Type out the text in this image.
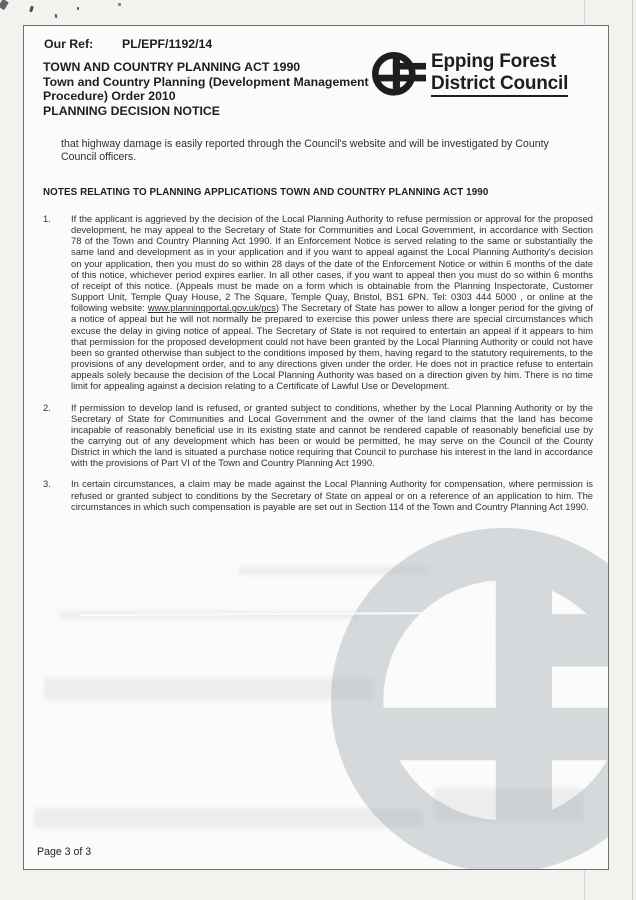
Our Ref: PL/EPF/1192/14
TOWN AND COUNTRY PLANNING ACT 1990
Town and Country Planning (Development Management
Procedure) Order 2010
PLANNING DECISION NOTICE
Epping Forest
District Council
that highway damage is easily reported through the Council's website and will be investigated by County Council officers.
NOTES RELATING TO PLANNING APPLICATIONS TOWN AND COUNTRY PLANNING ACT 1990
1.	If the applicant is aggrieved by the decision of the Local Planning Authority to refuse permission or approval for the proposed development, he may appeal to the Secretary of State for Communities and Local Government, in accordance with Section 78 of the Town and Country Planning Act 1990. If an Enforcement Notice is served relating to the same or substantially the same land and development as in your application and if you want to appeal against the Local Planning Authority's decision on your application, then you must do so within 28 days of the date of the Enforcement Notice or within 6 months of the date of this notice, whichever period expires earlier. In all other cases, if you want to appeal then you must do so within 6 months of receipt of this notice. (Appeals must be made on a form which is obtainable from the Planning Inspectorate, Customer Support Unit, Temple Quay House, 2 The Square, Temple Quay, Bristol, BS1 6PN. Tel: 0303 444 5000 , or online at the following website: www.planningportal.gov.uk/pcs) The Secretary of State has power to allow a longer period for the giving of a notice of appeal but he will not normally be prepared to exercise this power unless there are special circumstances which excuse the delay in giving notice of appeal. The Secretary of State is not required to entertain an appeal if it appears to him that permission for the proposed development could not have been granted by the Local Planning Authority or could not have been so granted otherwise than subject to the conditions imposed by them, having regard to the statutory requirements, to the provisions of any development order, and to any directions given under the order. He does not in practice refuse to entertain appeals solely because the decision of the Local Planning Authority was based on a direction given by him. There is no time limit for appealing against a decision relating to a Certificate of Lawful Use or Development.
2.	If permission to develop land is refused, or granted subject to conditions, whether by the Local Planning Authority or by the Secretary of State for Communities and Local Government and the owner of the land claims that the land has become incapable of reasonably beneficial use in its existing state and cannot be rendered capable of reasonably beneficial use by the carrying out of any development which has been or would be permitted, he may serve on the Council of the County District in which the land is situated a purchase notice requiring that Council to purchase his interest in the land in accordance with the provisions of Part VI of the Town and Country Planning Act 1990.
3.	In certain circumstances, a claim may be made against the Local Planning Authority for compensation, where permission is refused or granted subject to conditions by the Secretary of State on appeal or on a reference of an application to him. The circumstances in which such compensation is payable are set out in Section 114 of the Town and Country Planning Act 1990.
Page 3 of 3
